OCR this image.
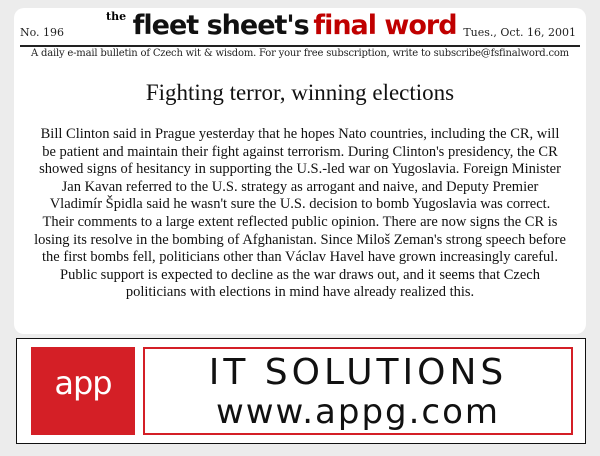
No. 196
$^{the}$ fleet sheet's final word Tues., Oct. 16, 2001
A daily e-mail bulletin of Czech wit & wisdom. For your free subscription, write to subscribe@fsfinalword.com
Fighting terror, winning elections
Bill Clinton said in Prague yesterday that he hopes Nato countries, including the CR, will be patient and maintain their fight against terrorism. During Clinton's presidency, the CR showed signs of hesitancy in supporting the U.S.-led war on Yugoslavia. Foreign Minister Jan Kavan referred to the U.S. strategy as arrogant and naive, and Deputy Premier Vladimír Špidla said he wasn't sure the U.S. decision to bomb Yugoslavia was correct. Their comments to a large extent reflected public opinion. There are now signs the CR is losing its resolve in the bombing of Afghanistan. Since Miloš Zeman's strong speech before the first bombs fell, politicians other than Václav Havel have grown increasingly careful. Public support is expected to decline as the war draws out, and it seems that Czech politicians with elections in mind have already realized this.
app	IT SOLUTIONS
www.appg.com
